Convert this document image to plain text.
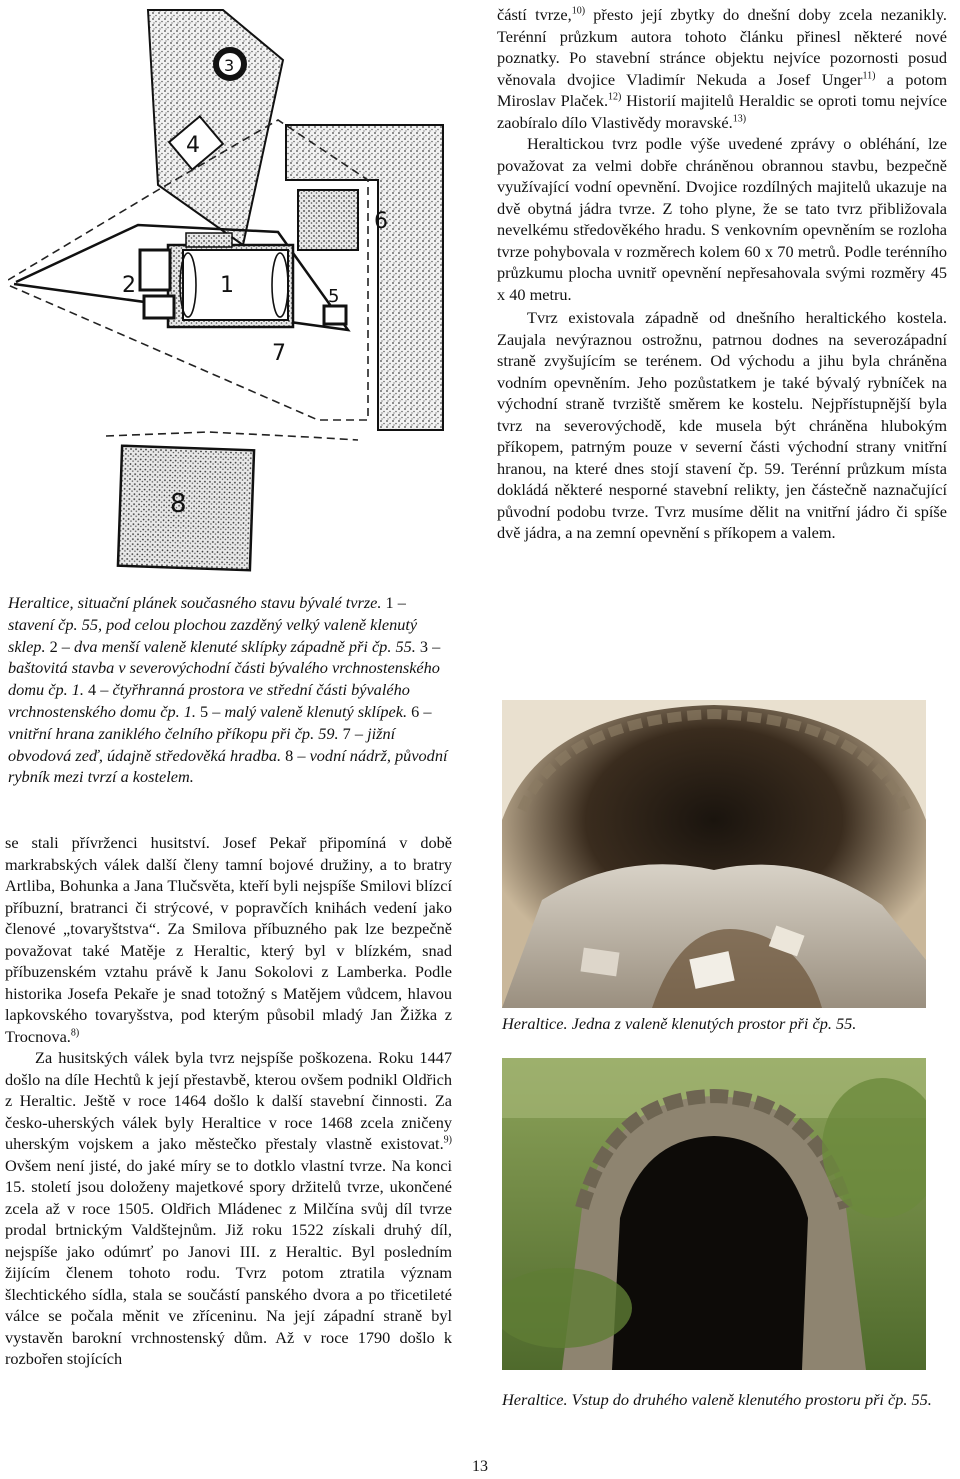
1
2
3
4
5
6
7
8

Heraltice, situační plánek současného stavu bývalé tvrze. 1 – stavení čp. 55, pod celou plochou zazděný velký valeně klenutý sklep. 2 – dva menší valeně klenuté sklípky západně při čp. 55. 3 – baštovitá stavba v severovýchodní části bývalého vrchnostenského domu čp. 1. 4 – čtyřhranná prostora ve střední části bývalého vrchnostenského domu čp. 1. 5 – malý valeně klenutý sklípek. 6 – vnitřní hrana zaniklého čelního příkopu při čp. 59. 7 – jižní obvodová zeď, údajně středověká hradba. 8 – vodní nádrž, původní rybník mezi tvrzí a kostelem.

se stali přívrženci husitství. Josef Pekař připomíná v době markrabských válek další členy tamní bojové družiny, a to bratry Artliba, Bohunka a Jana Tlučsvěta, kteří byli nejspíše Smilovi blízcí příbuzní, bratranci či strýcové, v popravčích knihách vedení jako členové „tovaryštstva“. Za Smilova příbuzného pak lze bezpečně považovat také Matěje z Heraltic, který byl v blízkém, snad příbuzenském vztahu právě k Janu Sokolovi z Lamberka. Podle historika Josefa Pekaře je snad totožný s Matějem vůdcem, hlavou lapkovského tovaryšstva, pod kterým působil mladý Jan Žižka z Trocnova.$^{8)}$

Za husitských válek byla tvrz nejspíše poškozena. Roku 1447 došlo na díle Hechtů k její přestavbě, kterou ovšem podnikl Oldřich z Heraltic. Ještě v roce 1464 došlo k další stavební činnosti. Za česko-uherských válek byly Heraltice v roce 1468 zcela zničeny uherským vojskem a jako městečko přestaly vlastně existovat.$^{9)}$ Ovšem není jisté, do jaké míry se to dotklo vlastní tvrze. Na konci 15. století jsou doloženy majetkové spory držitelů tvrze, ukončené zcela až v roce 1505. Oldřich Mládenec z Milčína svůj díl tvrze prodal brtnickým Valdštejnům. Již roku 1522 získali druhý díl, nejspíše jako odúmrť po Janovi III. z Heraltic. Byl posledním žijícím členem tohoto rodu. Tvrz potom ztratila význam šlechtického sídla, stala se součástí panského dvora a po třicetileté válce se počala měnit ve zříceninu. Na její západní straně byl vystavěn barokní vrchnostenský dům. Až v roce 1790 došlo k rozbořen stojících

částí tvrze,$^{10)}$ přesto její zbytky do dnešní doby zcela nezanikly. Terénní průzkum autora tohoto článku přinesl některé nové poznatky. Po stavební stránce objektu nejvíce pozornosti posud věnovala dvojice Vladimír Nekuda a Josef Unger$^{11)}$ a potom Miroslav Plaček.$^{12)}$ Historií majitelů Heraldic se oproti tomu nejvíce zaobíralo dílo Vlastivědy moravské.$^{13)}$

Heraltickou tvrz podle výše uvedené zprávy o obléhání, lze považovat za velmi dobře chráněnou obrannou stavbu, bezpečně využívající vodní opevnění. Dvojice rozdílných majitelů ukazuje na dvě obytná jádra tvrze. Z toho plyne, že se tato tvrz přibližovala nevelkému středověkého hradu. S venkovním opevněním se rozloha tvrze pohybovala v rozměrech kolem 60 x 70 metrů. Podle terénního průzkumu plocha uvnitř opevnění nepřesahovala svými rozměry 45 x 40 metru.

Tvrz existovala západně od dnešního heraltického kostela. Zaujala nevýraznou ostrožnu, patrnou dodnes na severozápadní straně zvyšujícím se terénem. Od východu a jihu byla chráněna vodním opevněním. Jeho pozůstatkem je také bývalý rybníček na východní straně tvrziště směrem ke kostelu. Nejpřístupnější byla tvrz na severovýchodě, kde musela být chráněna hlubokým příkopem, patrným pouze v severní části východní strany vnitřní hranou, na které dnes stojí stavení čp. 59. Terénní průzkum místa dokládá některé nesporné stavební relikty, jen částečně naznačující původní podobu tvrze. Tvrz musíme dělit na vnitřní jádro či spíše dvě jádra, a na zemní opevnění s příkopem a valem.

Heraltice. Jedna z valeně klenutých prostor při čp. 55.

Heraltice. Vstup do druhého valeně klenutého prostoru při čp. 55.

13
